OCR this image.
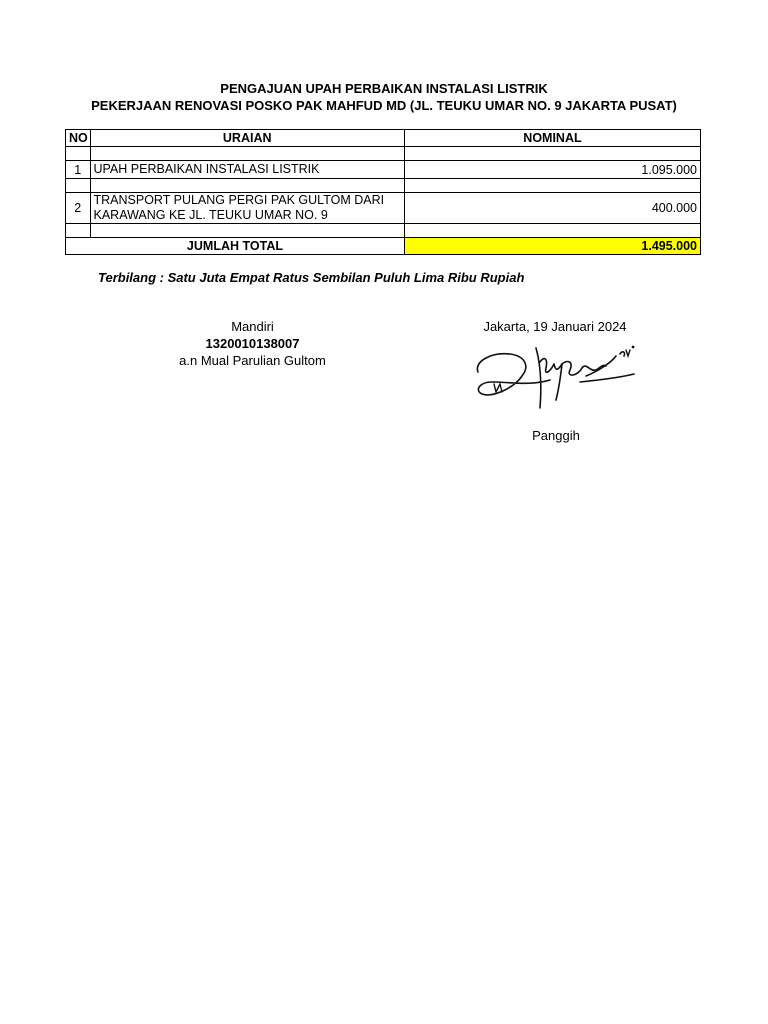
PENGAJUAN UPAH PERBAIKAN INSTALASI LISTRIK
PEKERJAAN RENOVASI POSKO PAK MAHFUD MD (JL. TEUKU UMAR NO. 9 JAKARTA PUSAT)
NO	URAIAN	NOMINAL

1	UPAH PERBAIKAN INSTALASI LISTRIK	1.095.000

2	TRANSPORT PULANG PERGI PAK GULTOM DARI KARAWANG KE JL. TEUKU UMAR NO. 9	400.000

JUMLAH TOTAL		1.495.000
Terbilang : Satu Juta Empat Ratus Sembilan Puluh Lima Ribu Rupiah
Mandiri
1320010138007
a.n Mual Parulian Gultom
Jakarta, 19 Januari 2024
Panggih
